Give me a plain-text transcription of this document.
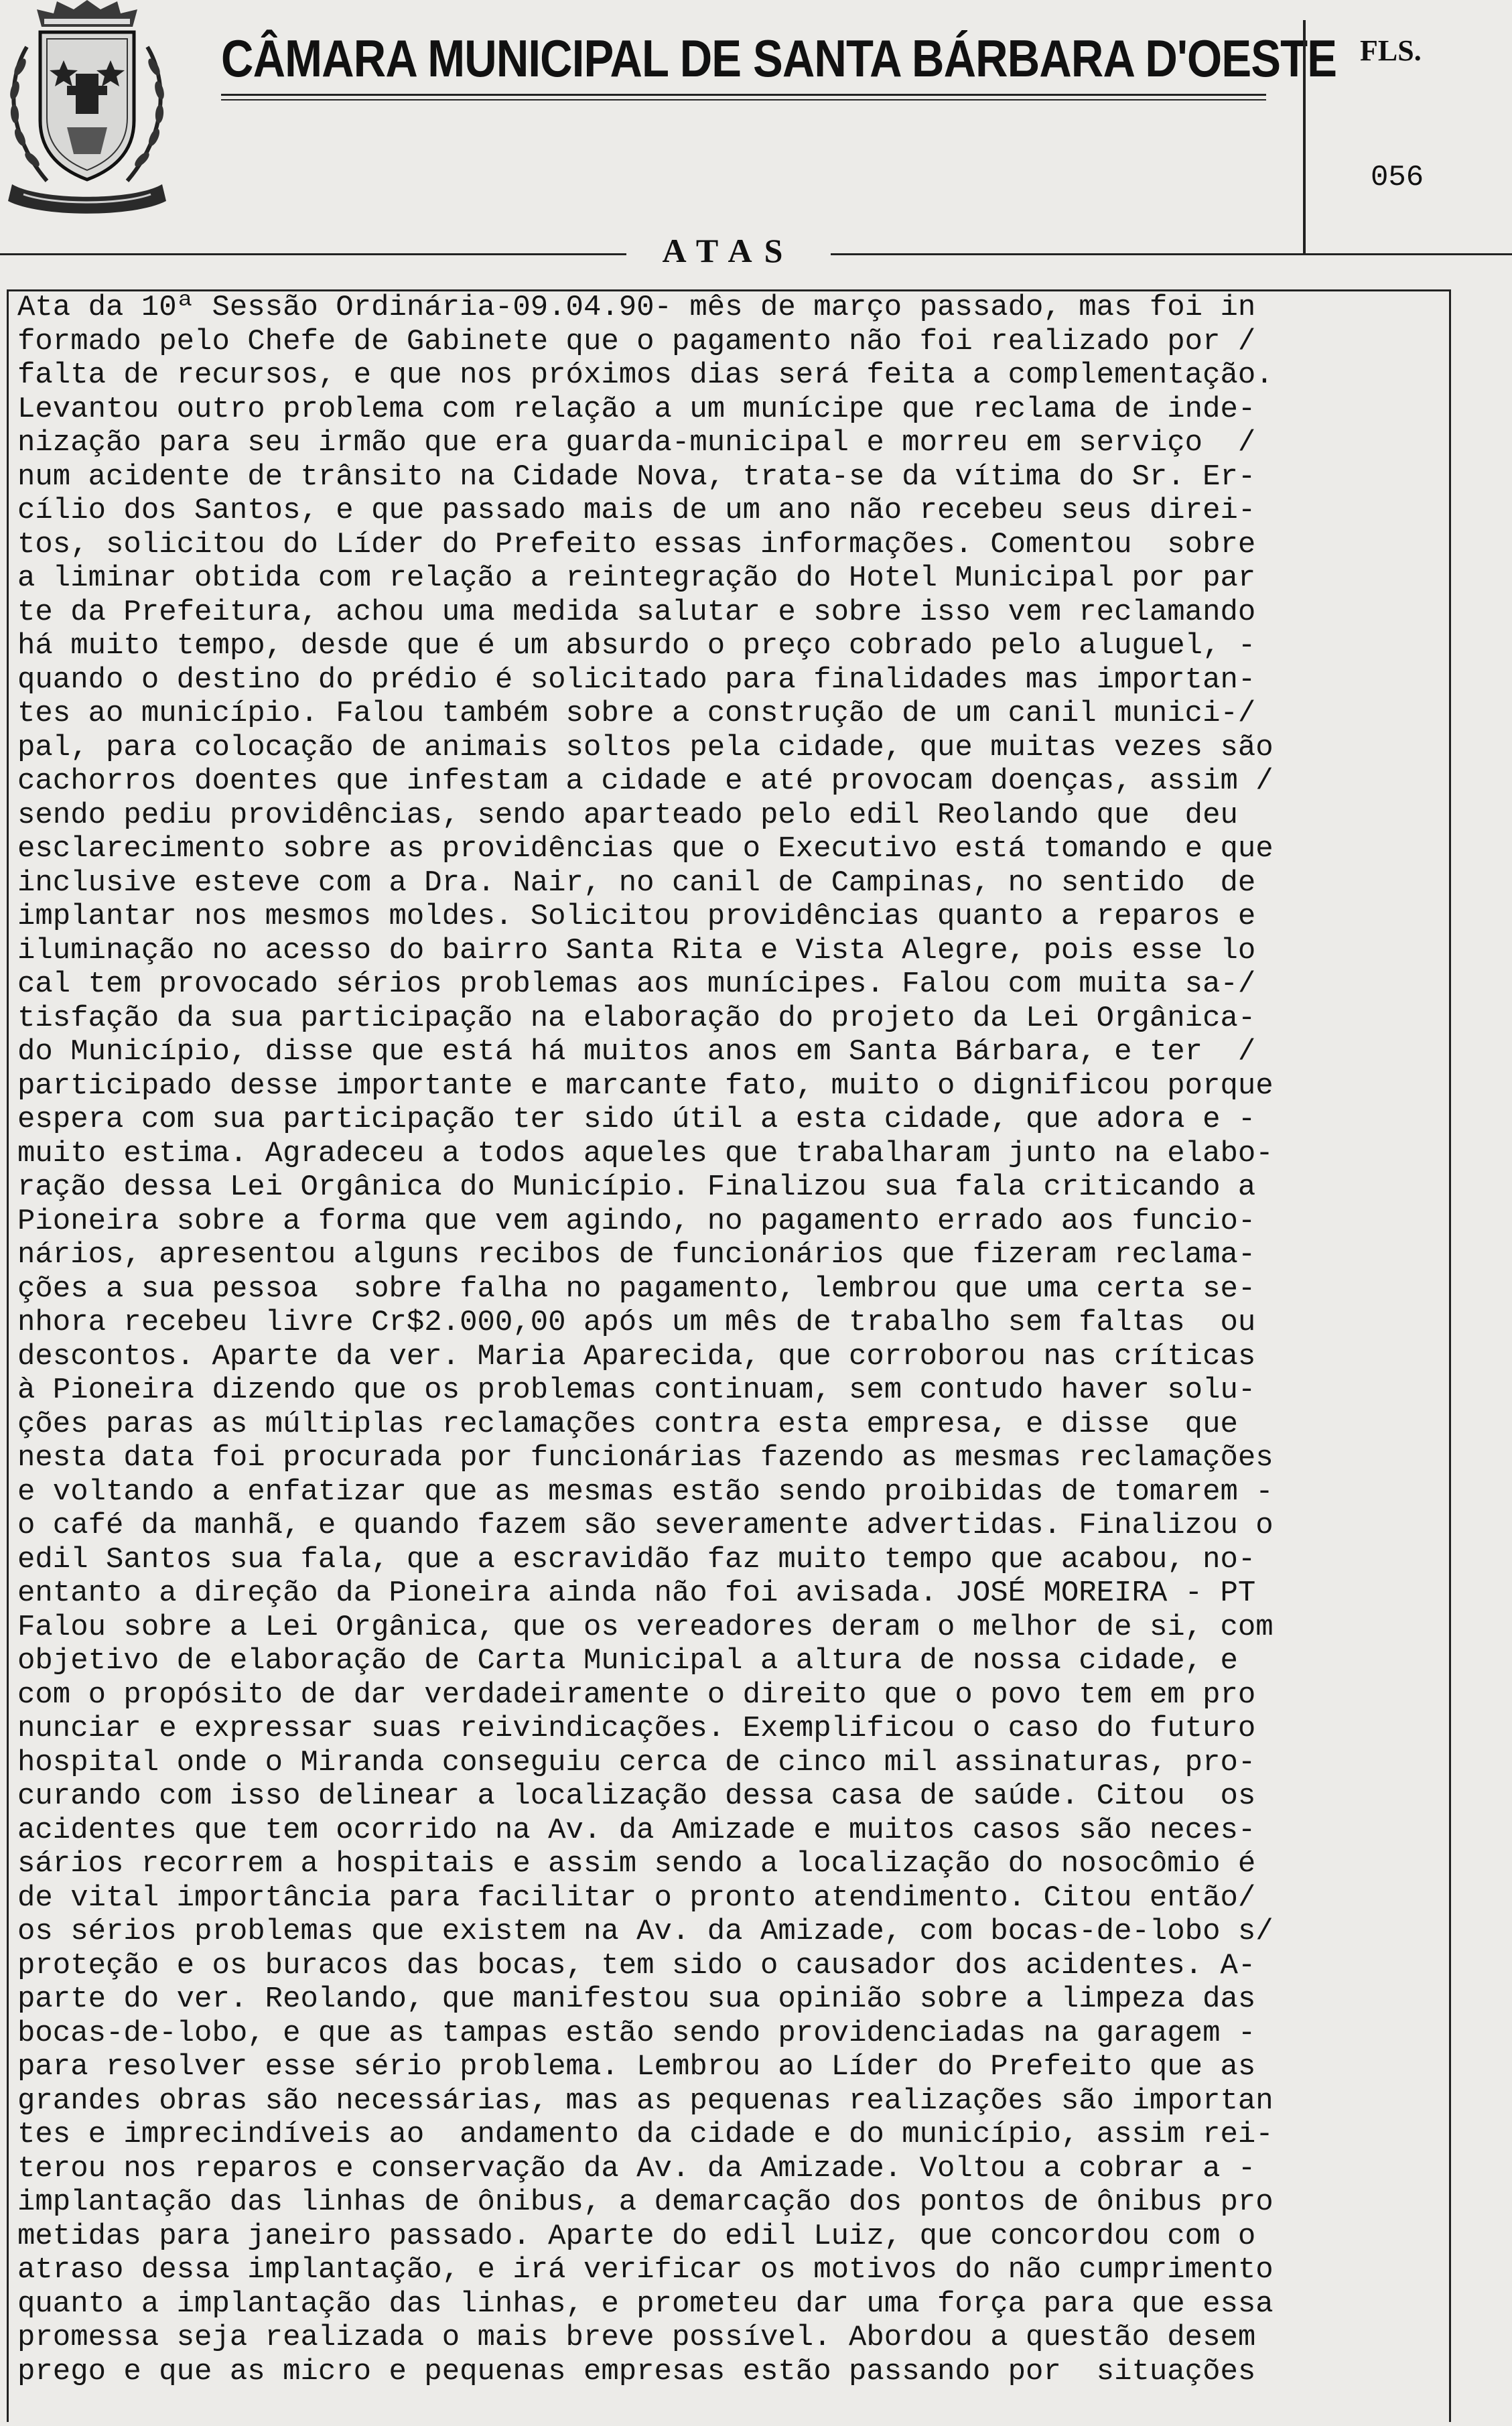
CÂMARA MUNICIPAL DE SANTA BÁRBARA D'OESTE FLS.
056
ATAS
Ata da 10ª Sessão Ordinária-09.04.90- mês de março passado, mas foi in
formado pelo Chefe de Gabinete que o pagamento não foi realizado por /
falta de recursos, e que nos próximos dias será feita a complementação.
Levantou outro problema com relação a um munícipe que reclama de inde-
nização para seu irmão que era guarda-municipal e morreu em serviço  /
num acidente de trânsito na Cidade Nova, trata-se da vítima do Sr. Er-
cílio dos Santos, e que passado mais de um ano não recebeu seus direi-
tos, solicitou do Líder do Prefeito essas informações. Comentou  sobre
a liminar obtida com relação a reintegração do Hotel Municipal por par
te da Prefeitura, achou uma medida salutar e sobre isso vem reclamando
há muito tempo, desde que é um absurdo o preço cobrado pelo aluguel, -
quando o destino do prédio é solicitado para finalidades mas importan-
tes ao município. Falou também sobre a construção de um canil munici-/
pal, para colocação de animais soltos pela cidade, que muitas vezes são
cachorros doentes que infestam a cidade e até provocam doenças, assim /
sendo pediu providências, sendo aparteado pelo edil Reolando que  deu
esclarecimento sobre as providências que o Executivo está tomando e que
inclusive esteve com a Dra. Nair, no canil de Campinas, no sentido  de
implantar nos mesmos moldes. Solicitou providências quanto a reparos e
iluminação no acesso do bairro Santa Rita e Vista Alegre, pois esse lo
cal tem provocado sérios problemas aos munícipes. Falou com muita sa-/
tisfação da sua participação na elaboração do projeto da Lei Orgânica-
do Município, disse que está há muitos anos em Santa Bárbara, e ter  /
participado desse importante e marcante fato, muito o dignificou porque
espera com sua participação ter sido útil a esta cidade, que adora e -
muito estima. Agradeceu a todos aqueles que trabalharam junto na elabo-
ração dessa Lei Orgânica do Município. Finalizou sua fala criticando a
Pioneira sobre a forma que vem agindo, no pagamento errado aos funcio-
nários, apresentou alguns recibos de funcionários que fizeram reclama-
ções a sua pessoa  sobre falha no pagamento, lembrou que uma certa se-
nhora recebeu livre Cr$2.000,00 após um mês de trabalho sem faltas  ou
descontos. Aparte da ver. Maria Aparecida, que corroborou nas críticas
à Pioneira dizendo que os problemas continuam, sem contudo haver solu-
ções paras as múltiplas reclamações contra esta empresa, e disse  que
nesta data foi procurada por funcionárias fazendo as mesmas reclamações
e voltando a enfatizar que as mesmas estão sendo proibidas de tomarem -
o café da manhã, e quando fazem são severamente advertidas. Finalizou o
edil Santos sua fala, que a escravidão faz muito tempo que acabou, no-
entanto a direção da Pioneira ainda não foi avisada. JOSÉ MOREIRA - PT
Falou sobre a Lei Orgânica, que os vereadores deram o melhor de si, com
objetivo de elaboração de Carta Municipal a altura de nossa cidade, e
com o propósito de dar verdadeiramente o direito que o povo tem em pro
nunciar e expressar suas reivindicações. Exemplificou o caso do futuro
hospital onde o Miranda conseguiu cerca de cinco mil assinaturas, pro-
curando com isso delinear a localização dessa casa de saúde. Citou  os
acidentes que tem ocorrido na Av. da Amizade e muitos casos são neces-
sários recorrem a hospitais e assim sendo a localização do nosocômio é
de vital importância para facilitar o pronto atendimento. Citou então/
os sérios problemas que existem na Av. da Amizade, com bocas-de-lobo s/
proteção e os buracos das bocas, tem sido o causador dos acidentes. A-
parte do ver. Reolando, que manifestou sua opinião sobre a limpeza das
bocas-de-lobo, e que as tampas estão sendo providenciadas na garagem -
para resolver esse sério problema. Lembrou ao Líder do Prefeito que as
grandes obras são necessárias, mas as pequenas realizações são importan
tes e imprecindíveis ao  andamento da cidade e do município, assim rei-
terou nos reparos e conservação da Av. da Amizade. Voltou a cobrar a -
implantação das linhas de ônibus, a demarcação dos pontos de ônibus pro
metidas para janeiro passado. Aparte do edil Luiz, que concordou com o
atraso dessa implantação, e irá verificar os motivos do não cumprimento
quanto a implantação das linhas, e prometeu dar uma força para que essa
promessa seja realizada o mais breve possível. Abordou a questão desem
prego e que as micro e pequenas empresas estão passando por  situações
